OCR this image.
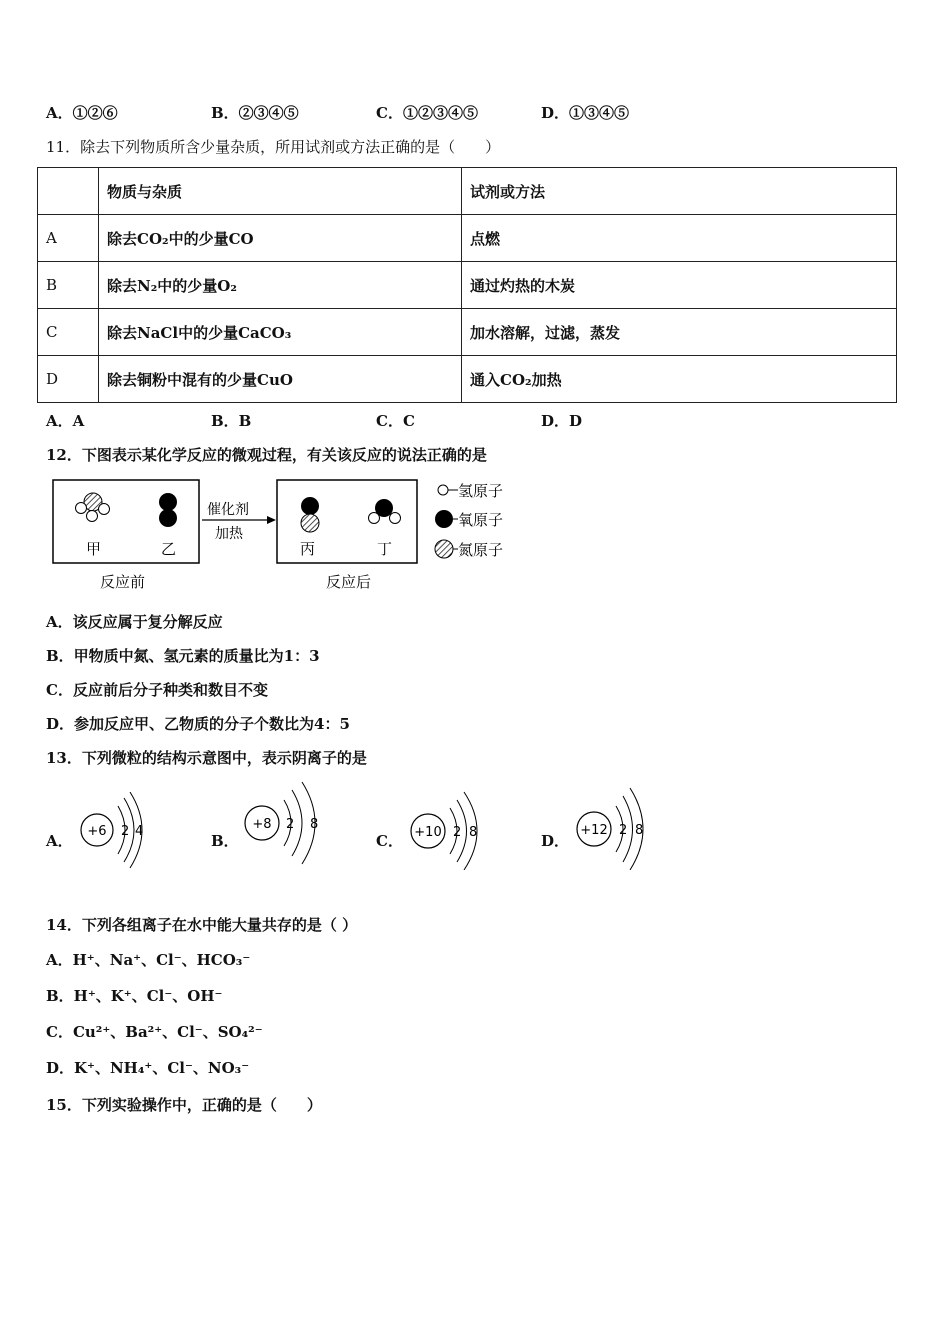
A．①②⑥	B．②③④⑤	C．①②③④⑤	D．①③④⑤
11．除去下列物质所含少量杂质，所用试剂或方法正确的是（　　）
	物质与杂质	试剂或方法
A	除去CO₂中的少量CO	点燃
B	除去N₂中的少量O₂	通过灼热的木炭
C	除去NaCl中的少量CaCO₃	加水溶解，过滤，蒸发
D	除去铜粉中混有的少量CuO	通入CO₂加热
A．A	B．B	C．C	D．D
12．下图表示某化学反应的微观过程，有关该反应的说法正确的是
甲	乙
催化剂
加热
丙	丁
反应前	反应后
氢原子
氧原子
氮原子
A．该反应属于复分解反应
B．甲物质中氮、氢元素的质量比为1：3
C．反应前后分子种类和数目不变
D．参加反应甲、乙物质的分子个数比为4：5
13．下列微粒的结构示意图中，表示阴离子的是
A．
+6 2 4
B．
+8 2 8
C． +10 2 8	D．
+12 2 8
14．下列各组离子在水中能大量共存的是（ ）
A．H⁺、Na⁺、Cl⁻、HCO₃⁻
B．H⁺、K⁺、Cl⁻、OH⁻
C．Cu²⁺、Ba²⁺、Cl⁻、SO₄²⁻
D．K⁺、NH₄⁺、Cl⁻、NO₃⁻
15．下列实验操作中，正确的是（　　）
